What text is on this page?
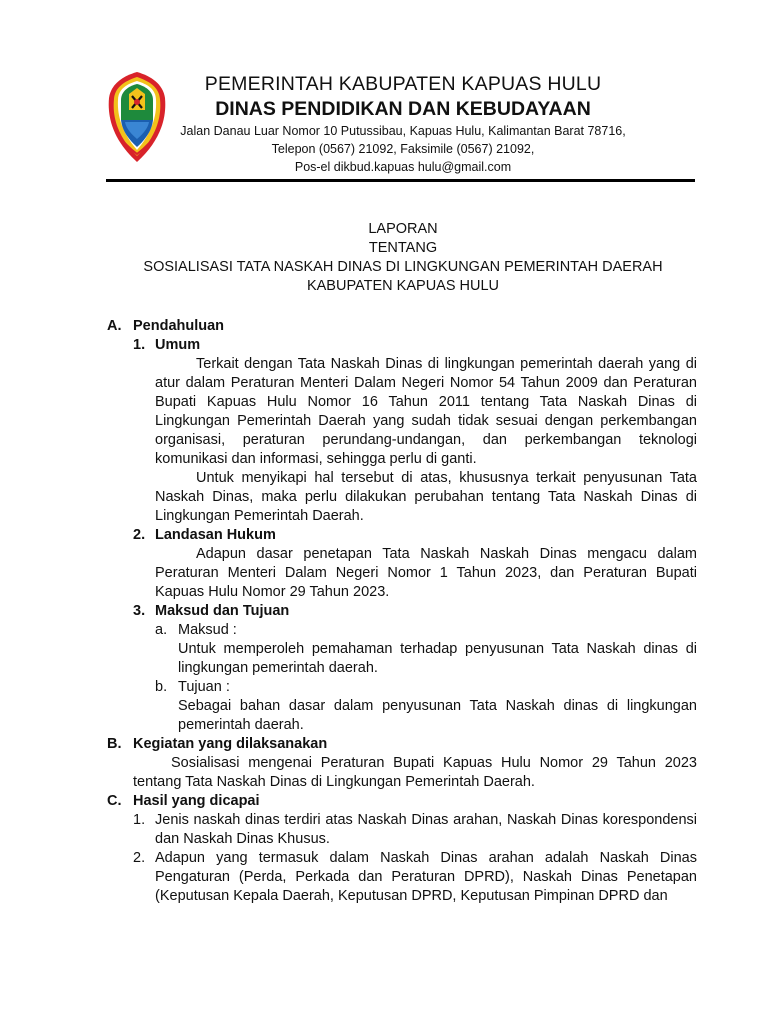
PEMERINTAH KABUPATEN KAPUAS HULU
DINAS PENDIDIKAN DAN KEBUDAYAAN
Jalan Danau Luar Nomor 10 Putussibau, Kapuas Hulu, Kalimantan Barat 78716,
Telepon (0567) 21092, Faksimile (0567) 21092,
Pos-el dikbud.kapuas hulu@gmail.com
LAPORAN
TENTANG
SOSIALISASI TATA NASKAH DINAS DI LINGKUNGAN PEMERINTAH DAERAH
KABUPATEN KAPUAS HULU
A. Pendahuluan
1. Umum
Terkait dengan Tata Naskah Dinas di lingkungan pemerintah daerah yang di atur dalam Peraturan Menteri Dalam Negeri Nomor 54 Tahun 2009 dan Peraturan Bupati Kapuas Hulu Nomor 16 Tahun 2011 tentang Tata Naskah Dinas di Lingkungan Pemerintah Daerah yang sudah tidak sesuai dengan perkembangan organisasi, peraturan perundang-undangan, dan perkembangan teknologi komunikasi dan informasi, sehingga perlu di ganti.
Untuk menyikapi hal tersebut di atas, khususnya terkait penyusunan Tata Naskah Dinas, maka perlu dilakukan perubahan tentang Tata Naskah Dinas di Lingkungan Pemerintah Daerah.
2. Landasan Hukum
Adapun dasar penetapan Tata Naskah Naskah Dinas mengacu dalam Peraturan Menteri Dalam Negeri Nomor 1 Tahun 2023, dan Peraturan Bupati Kapuas Hulu Nomor 29 Tahun 2023.
3. Maksud dan Tujuan
a. Maksud :
Untuk memperoleh pemahaman terhadap penyusunan Tata Naskah dinas di lingkungan pemerintah daerah.
b. Tujuan :
Sebagai bahan dasar dalam penyusunan Tata Naskah dinas di lingkungan pemerintah daerah.
B. Kegiatan yang dilaksanakan
Sosialisasi mengenai Peraturan Bupati Kapuas Hulu Nomor 29 Tahun 2023 tentang Tata Naskah Dinas di Lingkungan Pemerintah Daerah.
C. Hasil yang dicapai
1. Jenis naskah dinas terdiri atas Naskah Dinas arahan, Naskah Dinas korespondensi dan Naskah Dinas Khusus.
2. Adapun yang termasuk dalam Naskah Dinas arahan adalah Naskah Dinas Pengaturan (Perda, Perkada dan Peraturan DPRD), Naskah Dinas Penetapan (Keputusan Kepala Daerah, Keputusan DPRD, Keputusan Pimpinan DPRD dan
